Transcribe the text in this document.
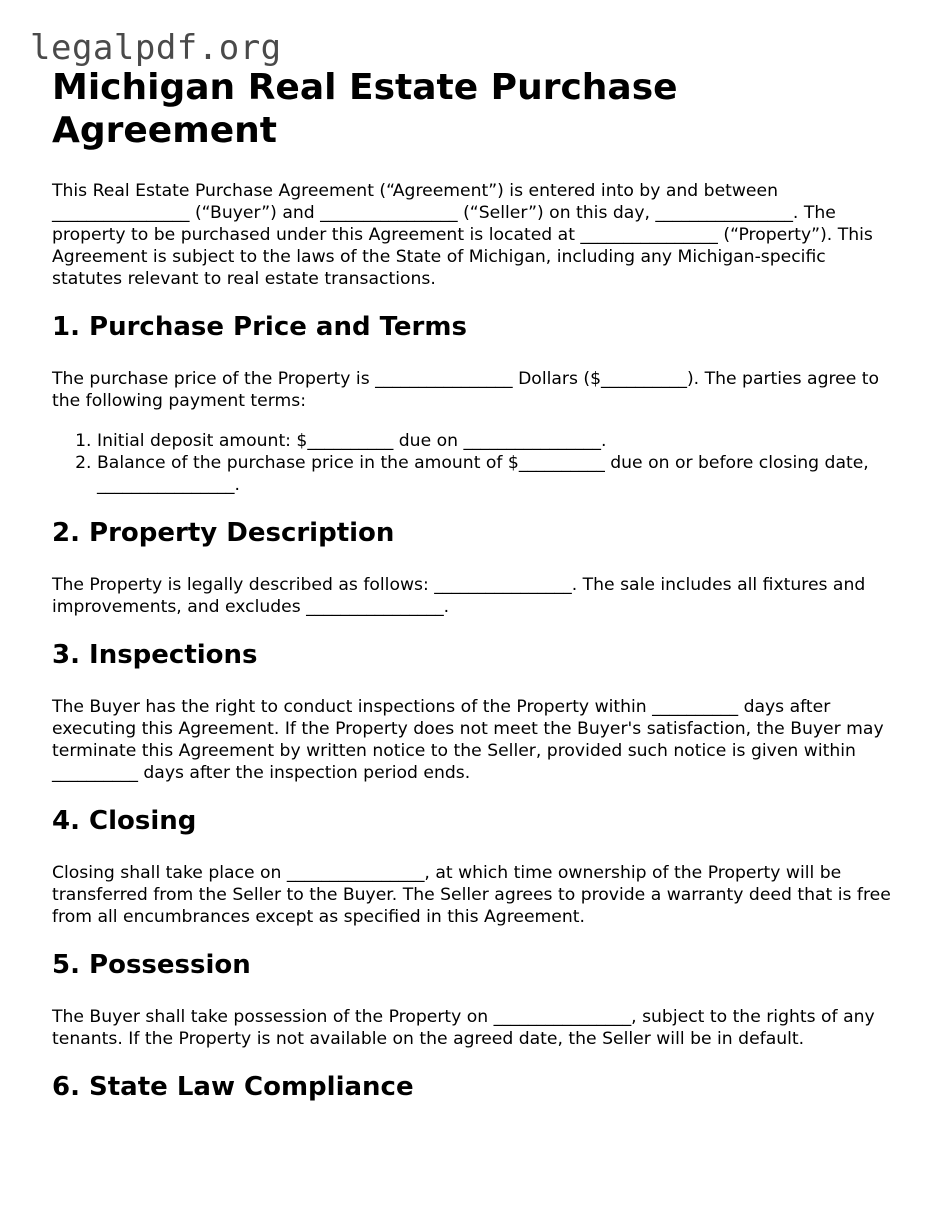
legalpdf.org
Michigan Real Estate Purchase Agreement

This Real Estate Purchase Agreement (“Agreement”) is entered into by and between ________________ (“Buyer”) and ________________ (“Seller”) on this day, ________________. The property to be purchased under this Agreement is located at ________________ (“Property”). This Agreement is subject to the laws of the State of Michigan, including any Michigan-specific statutes relevant to real estate transactions.

1. Purchase Price and Terms

The purchase price of the Property is ________________ Dollars ($__________). The parties agree to the following payment terms:

1. Initial deposit amount: $__________ due on ________________.
2. Balance of the purchase price in the amount of $__________ due on or before closing date, ________________.
2. Property Description

The Property is legally described as follows: ________________. The sale includes all fixtures and improvements, and excludes ________________.

3. Inspections

The Buyer has the right to conduct inspections of the Property within __________ days after executing this Agreement. If the Property does not meet the Buyer's satisfaction, the Buyer may terminate this Agreement by written notice to the Seller, provided such notice is given within __________ days after the inspection period ends.

4. Closing

Closing shall take place on ________________, at which time ownership of the Property will be transferred from the Seller to the Buyer. The Seller agrees to provide a warranty deed that is free from all encumbrances except as specified in this Agreement.

5. Possession

The Buyer shall take possession of the Property on ________________, subject to the rights of any tenants. If the Property is not available on the agreed date, the Seller will be in default.

6. State Law Compliance
